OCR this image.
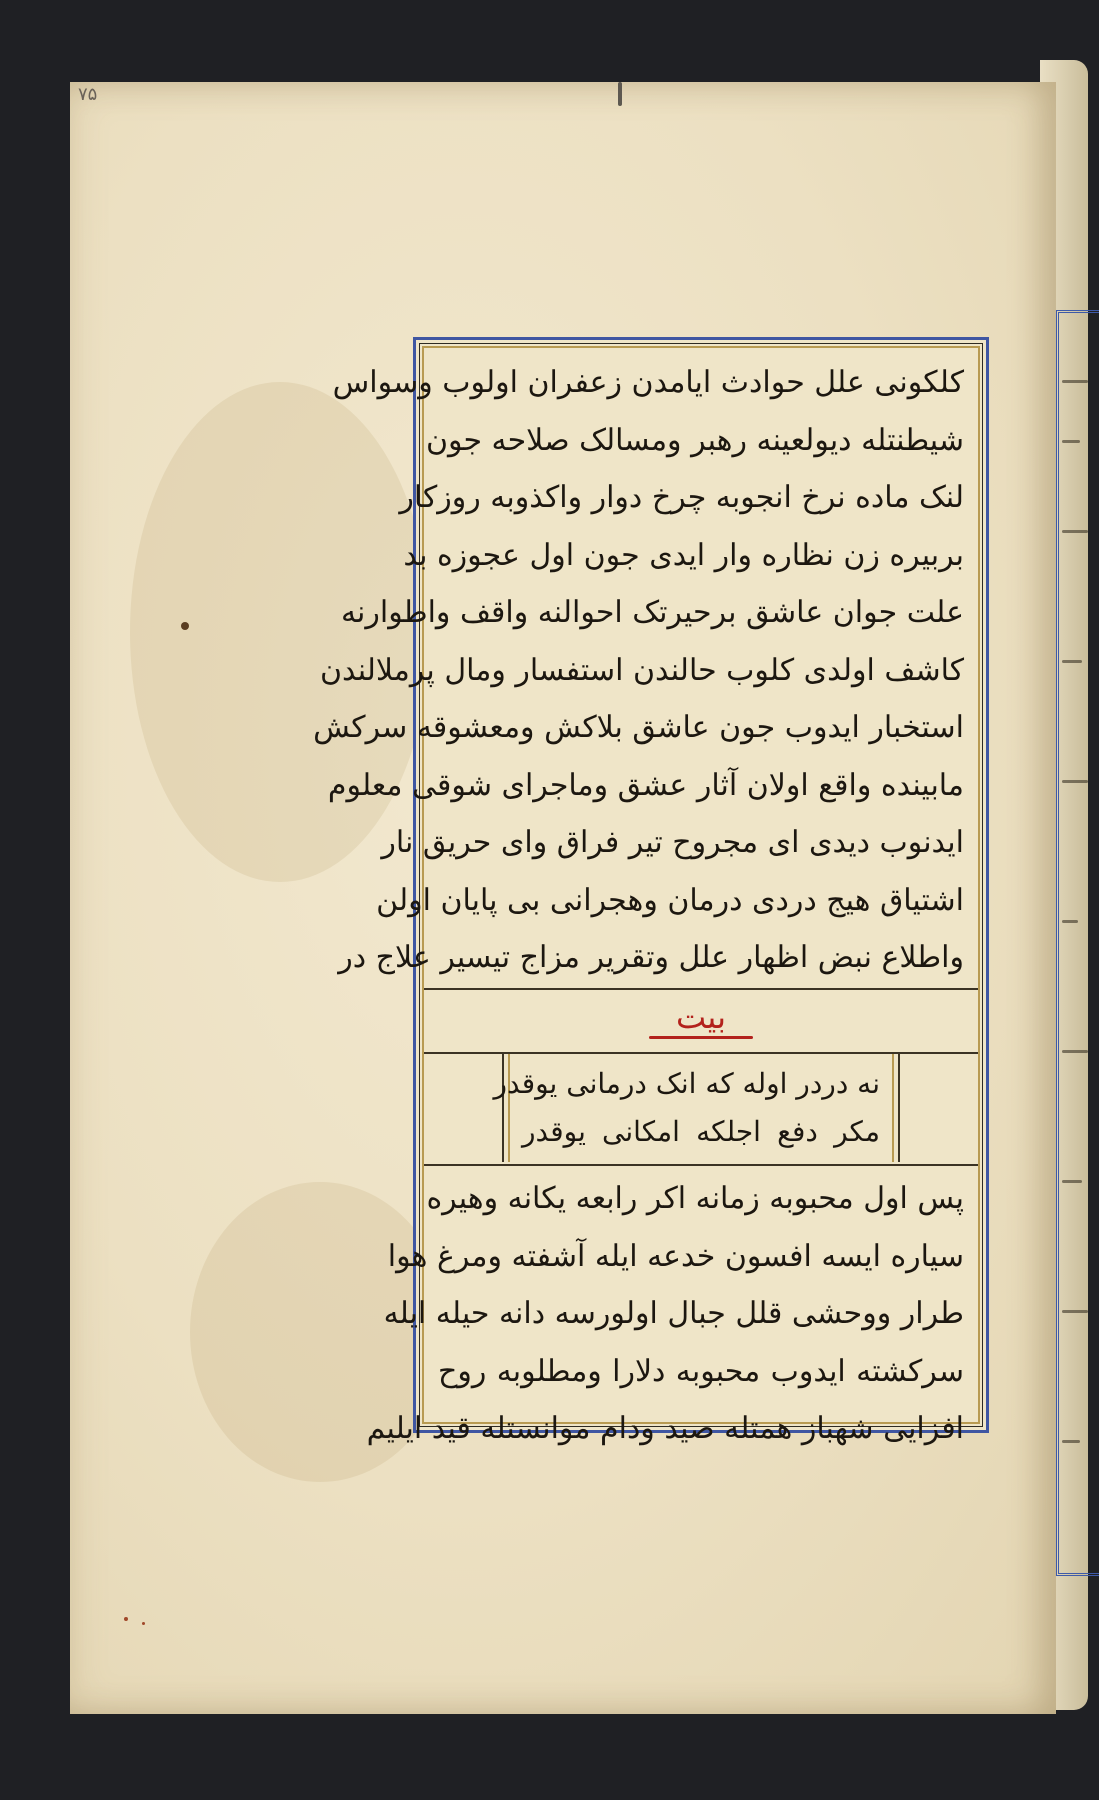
۷۵
کلکونی علل حوادث ایامدن زعفران اولوب وسواس
شیطنتله دیولعینه رهبر ومسالک صلاحه جون
لنک ماده نرخ انجوبه چرخ دوار واکذوبه روزکار
بربیره زن نظاره وار ایدی جون اول عجوزه بد
علت جوان عاشق برحیرتک احوالنه واقف واطوارنه
کاشف اولدی کلوب حالندن استفسار ومال پرملالندن
استخبار ایدوب جون عاشق بلاکش ومعشوقه سرکش
مابینده واقع اولان آثار عشق وماجرای شوقی معلوم
ایدنوب دیدی ای مجروح تیر فراق وای حریق نار
اشتیاق هیج دردی درمان وهجرانی بی پایان اولن
واطلاع نبض اظهار علل وتقریر مزاج تیسیر علاج در
بیت
نه دردر اوله که انک درمانی یوقدر
مکر دفع اجلکه امکانی یوقدر
پس اول محبوبه زمانه اکر رابعه یکانه وهیره
سیاره ایسه افسون خدعه ایله آشفته ومرغ هوا
طرار ووحشی قلل جبال اولورسه دانه حیله ایله
سرکشته ایدوب محبوبه دلارا ومطلوبه روح
افزایی شهباز همتله صید ودام موانستله قید ایلیم
